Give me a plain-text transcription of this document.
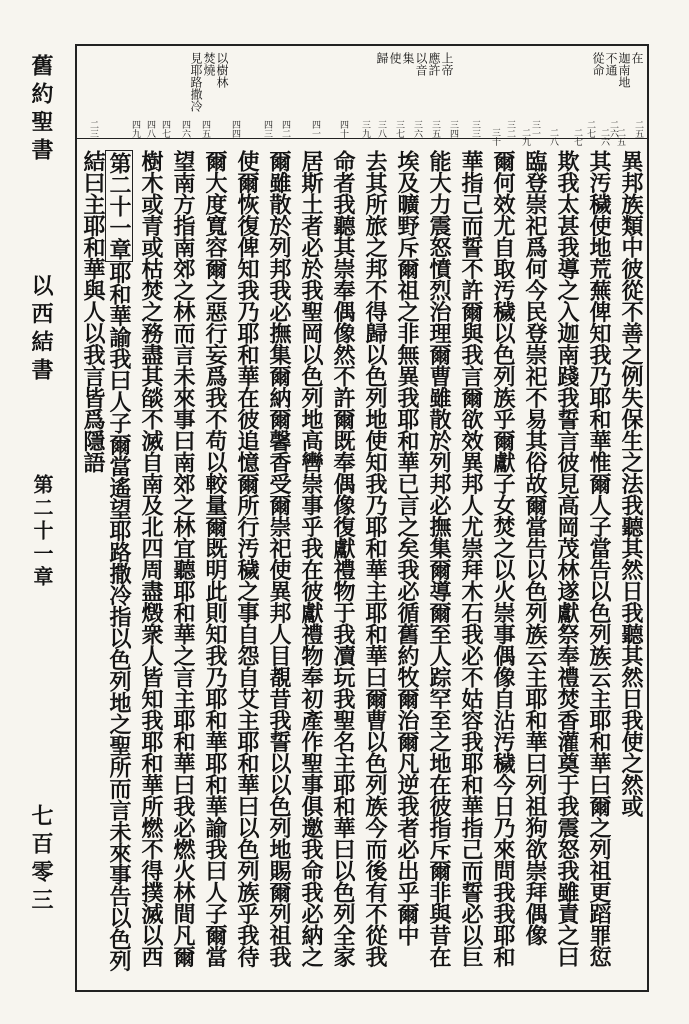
舊約聖書
以西結書
第二十一章
七百零三
在
迦南地
不通
從命
上帝
應許
以音
集
使
歸
以樹林
焚燒
見耶路撒冷
二五
二六
二七
三一
三二
三三
三四
三五
三六
三七
三八
三九
四十
四一
四二
四三
四四
四五
四六
四七
四八
四九
二三	二五
二六
二七
二八
二九
三十
異邦族類中彼從不善之例失保生之法我聽其然日我聽其然日我使之然或
其汚穢使地荒蕪俾知我乃耶和華惟爾人子當告以色列族云主耶和華曰爾之列祖更蹈罪愆
欺我太甚我導之入迦南踐我誓言彼見高岡茂林遂獻祭奉禮焚香灌奠于我震怒我雖責之曰
臨登崇祀爲何今民登崇祀不易其俗故爾當告以色列族云主耶和華曰列祖狗欲崇拜偶像
爾何效尤自取汚穢以色列族乎爾獻子女焚之以火崇事偶像自沾汚穢今日乃來問我我耶和
華指己而誓不許爾與我言爾欲效異邦人尤崇拜木石我必不姑容我耶和華指己而誓必以巨
能大力震怒憤烈治理爾曹雖散於列邦必撫集爾導爾至人踪罕至之地在彼指斥爾非與昔在
埃及曠野斥爾祖之非無異我耶和華已言之矣我必循舊約牧爾治爾凡逆我者必出乎爾中
去其所旅之邦不得歸以色列地使知我乃耶和華主耶和華曰爾曹以色列族今而後有不從我
命者我聽其崇奉偶像然不許爾既奉偶像復獻禮物于我凟玩我聖名主耶和華曰以色列全家
居斯土者必於我聖岡以色列地高轡崇事乎我在彼獻禮物奉初產作聖事俱邀我命我必納之
爾雖散於列邦我必撫集爾納爾馨香受爾崇祀使異邦人目覩昔我誓以以色列地賜爾列祖我
使爾恢復俾知我乃耶和華在彼追憶爾所行汚穢之事自怨自艾主耶和華曰以色列族乎我待
爾大度寬容爾之惡行妄爲我不苟以較量爾既明此則知我乃耶和華耶和華諭我曰人子爾當
望南方指南郊之林而言未來事曰南郊之林宜聽耶和華之言主耶和華曰我必燃火林間凡爾
樹木或青或枯焚之務盡其燄不滅自南及北四周盡燬衆人皆知我耶和華所燃不得撲滅以西
第二十一章耶和華諭我曰人子爾當遙望耶路撒冷指以色列地之聖所而言未來事告以色列
結曰主耶和華與人以我言皆爲隱語
